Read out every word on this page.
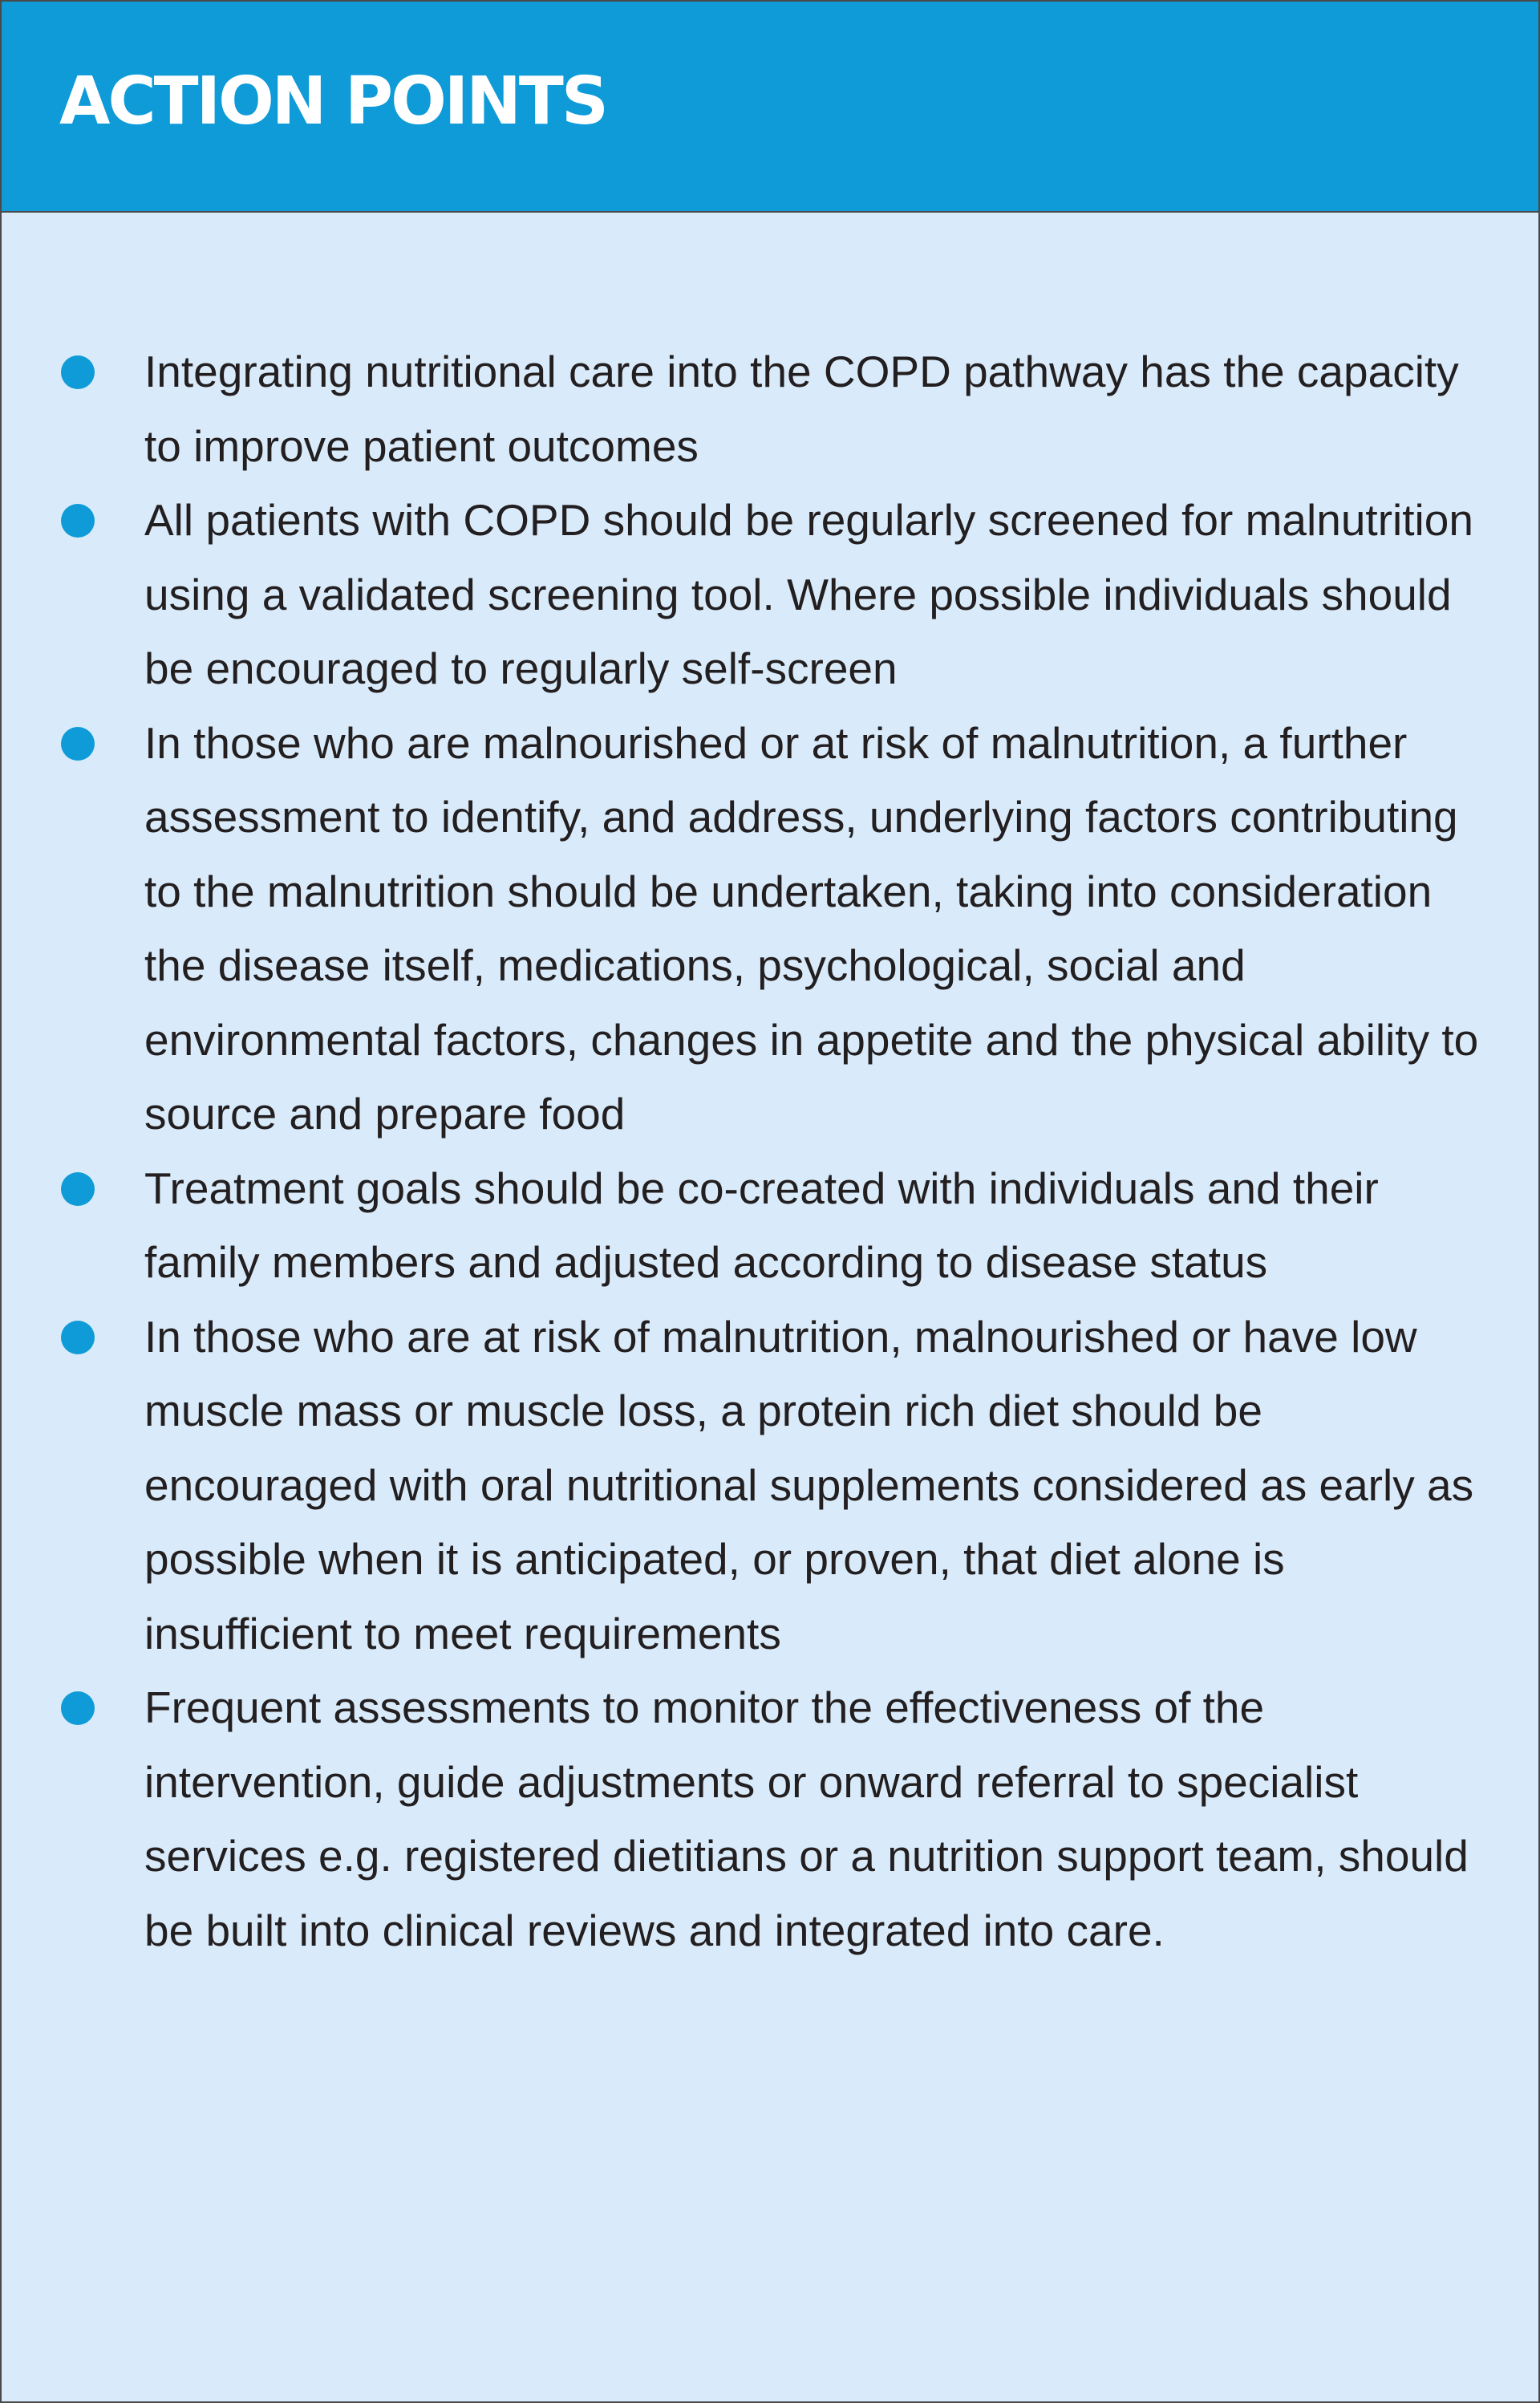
ACTION POINTS
Integrating nutritional care into the COPD pathway has the capacity to improve patient outcomes
All patients with COPD should be regularly screened for malnutrition using a validated screening tool. Where possible individuals should be encouraged to regularly self-screen
In those who are malnourished or at risk of malnutrition, a further assessment to identify, and address, underlying factors contributing to the malnutrition should be undertaken, taking into consideration the disease itself, medications, psychological, social and environmental factors, changes in appetite and the physical ability to source and prepare food
Treatment goals should be co-created with individuals and their family members and adjusted according to disease status
In those who are at risk of malnutrition, malnourished or have low muscle mass or muscle loss, a protein rich diet should be encouraged with oral nutritional supplements considered as early as possible when it is anticipated, or proven, that diet alone is insufficient to meet requirements
Frequent assessments to monitor the effectiveness of the intervention, guide adjustments or onward referral to specialist services e.g. registered dietitians or a nutrition support team, should be built into clinical reviews and integrated into care.
